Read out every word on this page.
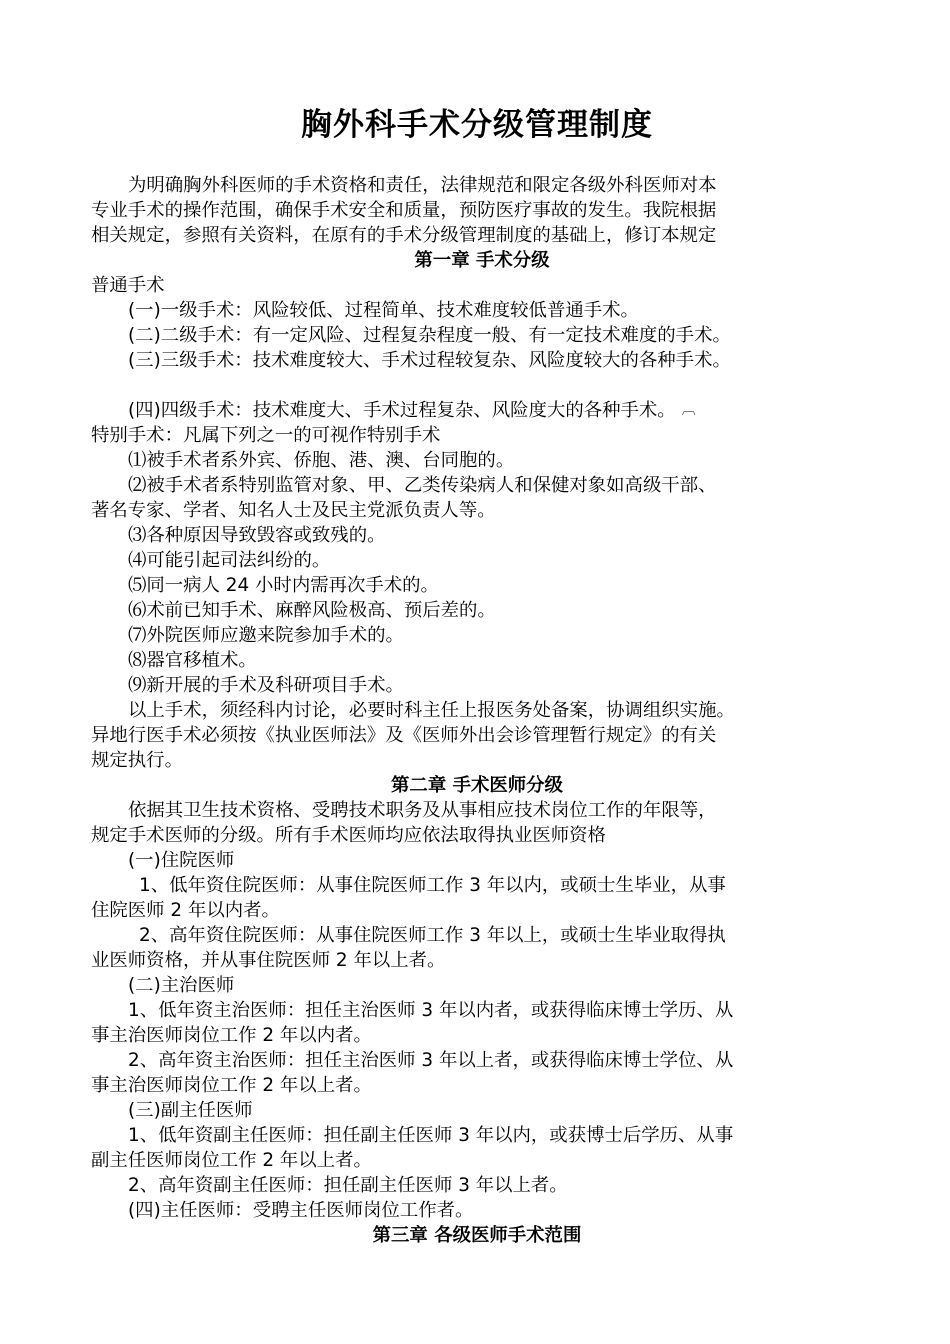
胸外科手术分级管理制度

为明确胸外科医师的手术资格和责任，法律规范和限定各级外科医师对本

专业手术的操作范围，确保手术安全和质量，预防医疗事故的发生。我院根据

相关规定，参照有关资料，在原有的手术分级管理制度的基础上，修订本规定

第一章 手术分级

普通手术

(一)一级手术：风险较低、过程简单、技术难度较低普通手术。

(二)二级手术：有一定风险、过程复杂程度一般、有一定技术难度的手术。

(三)三级手术：技术难度较大、手术过程较复杂、风险度较大的各种手术。

(四)四级手术：技术难度大、手术过程复杂、风险度大的各种手术。 ︹

特别手术：凡属下列之一的可视作特别手术

⑴被手术者系外宾、侨胞、港、澳、台同胞的。

⑵被手术者系特别监管对象、甲、乙类传染病人和保健对象如高级干部、

著名专家、学者、知名人士及民主党派负责人等。

⑶各种原因导致毁容或致残的。

⑷可能引起司法纠纷的。

⑸同一病人 24 小时内需再次手术的。

⑹术前已知手术、麻醉风险极高、预后差的。

⑺外院医师应邀来院参加手术的。

⑻器官移植术。

⑼新开展的手术及科研项目手术。

以上手术，须经科内讨论，必要时科主任上报医务处备案，协调组织实施。

异地行医手术必须按《执业医师法》及《医师外出会诊管理暂行规定》的有关

规定执行。

第二章 手术医师分级

依据其卫生技术资格、受聘技术职务及从事相应技术岗位工作的年限等，

规定手术医师的分级。所有手术医师均应依法取得执业医师资格

(一)住院医师

1、低年资住院医师：从事住院医师工作 3 年以内，或硕士生毕业，从事

住院医师 2 年以内者。

2、高年资住院医师：从事住院医师工作 3 年以上，或硕士生毕业取得执

业医师资格，并从事住院医师 2 年以上者。

(二)主治医师

1、低年资主治医师：担任主治医师 3 年以内者，或获得临床博士学历、从

事主治医师岗位工作 2 年以内者。

2、高年资主治医师：担任主治医师 3 年以上者，或获得临床博士学位、从

事主治医师岗位工作 2 年以上者。

(三)副主任医师

1、低年资副主任医师：担任副主任医师 3 年以内，或获博士后学历、从事

副主任医师岗位工作 2 年以上者。

2、高年资副主任医师：担任副主任医师 3 年以上者。

(四)主任医师：受聘主任医师岗位工作者。

第三章 各级医师手术范围
